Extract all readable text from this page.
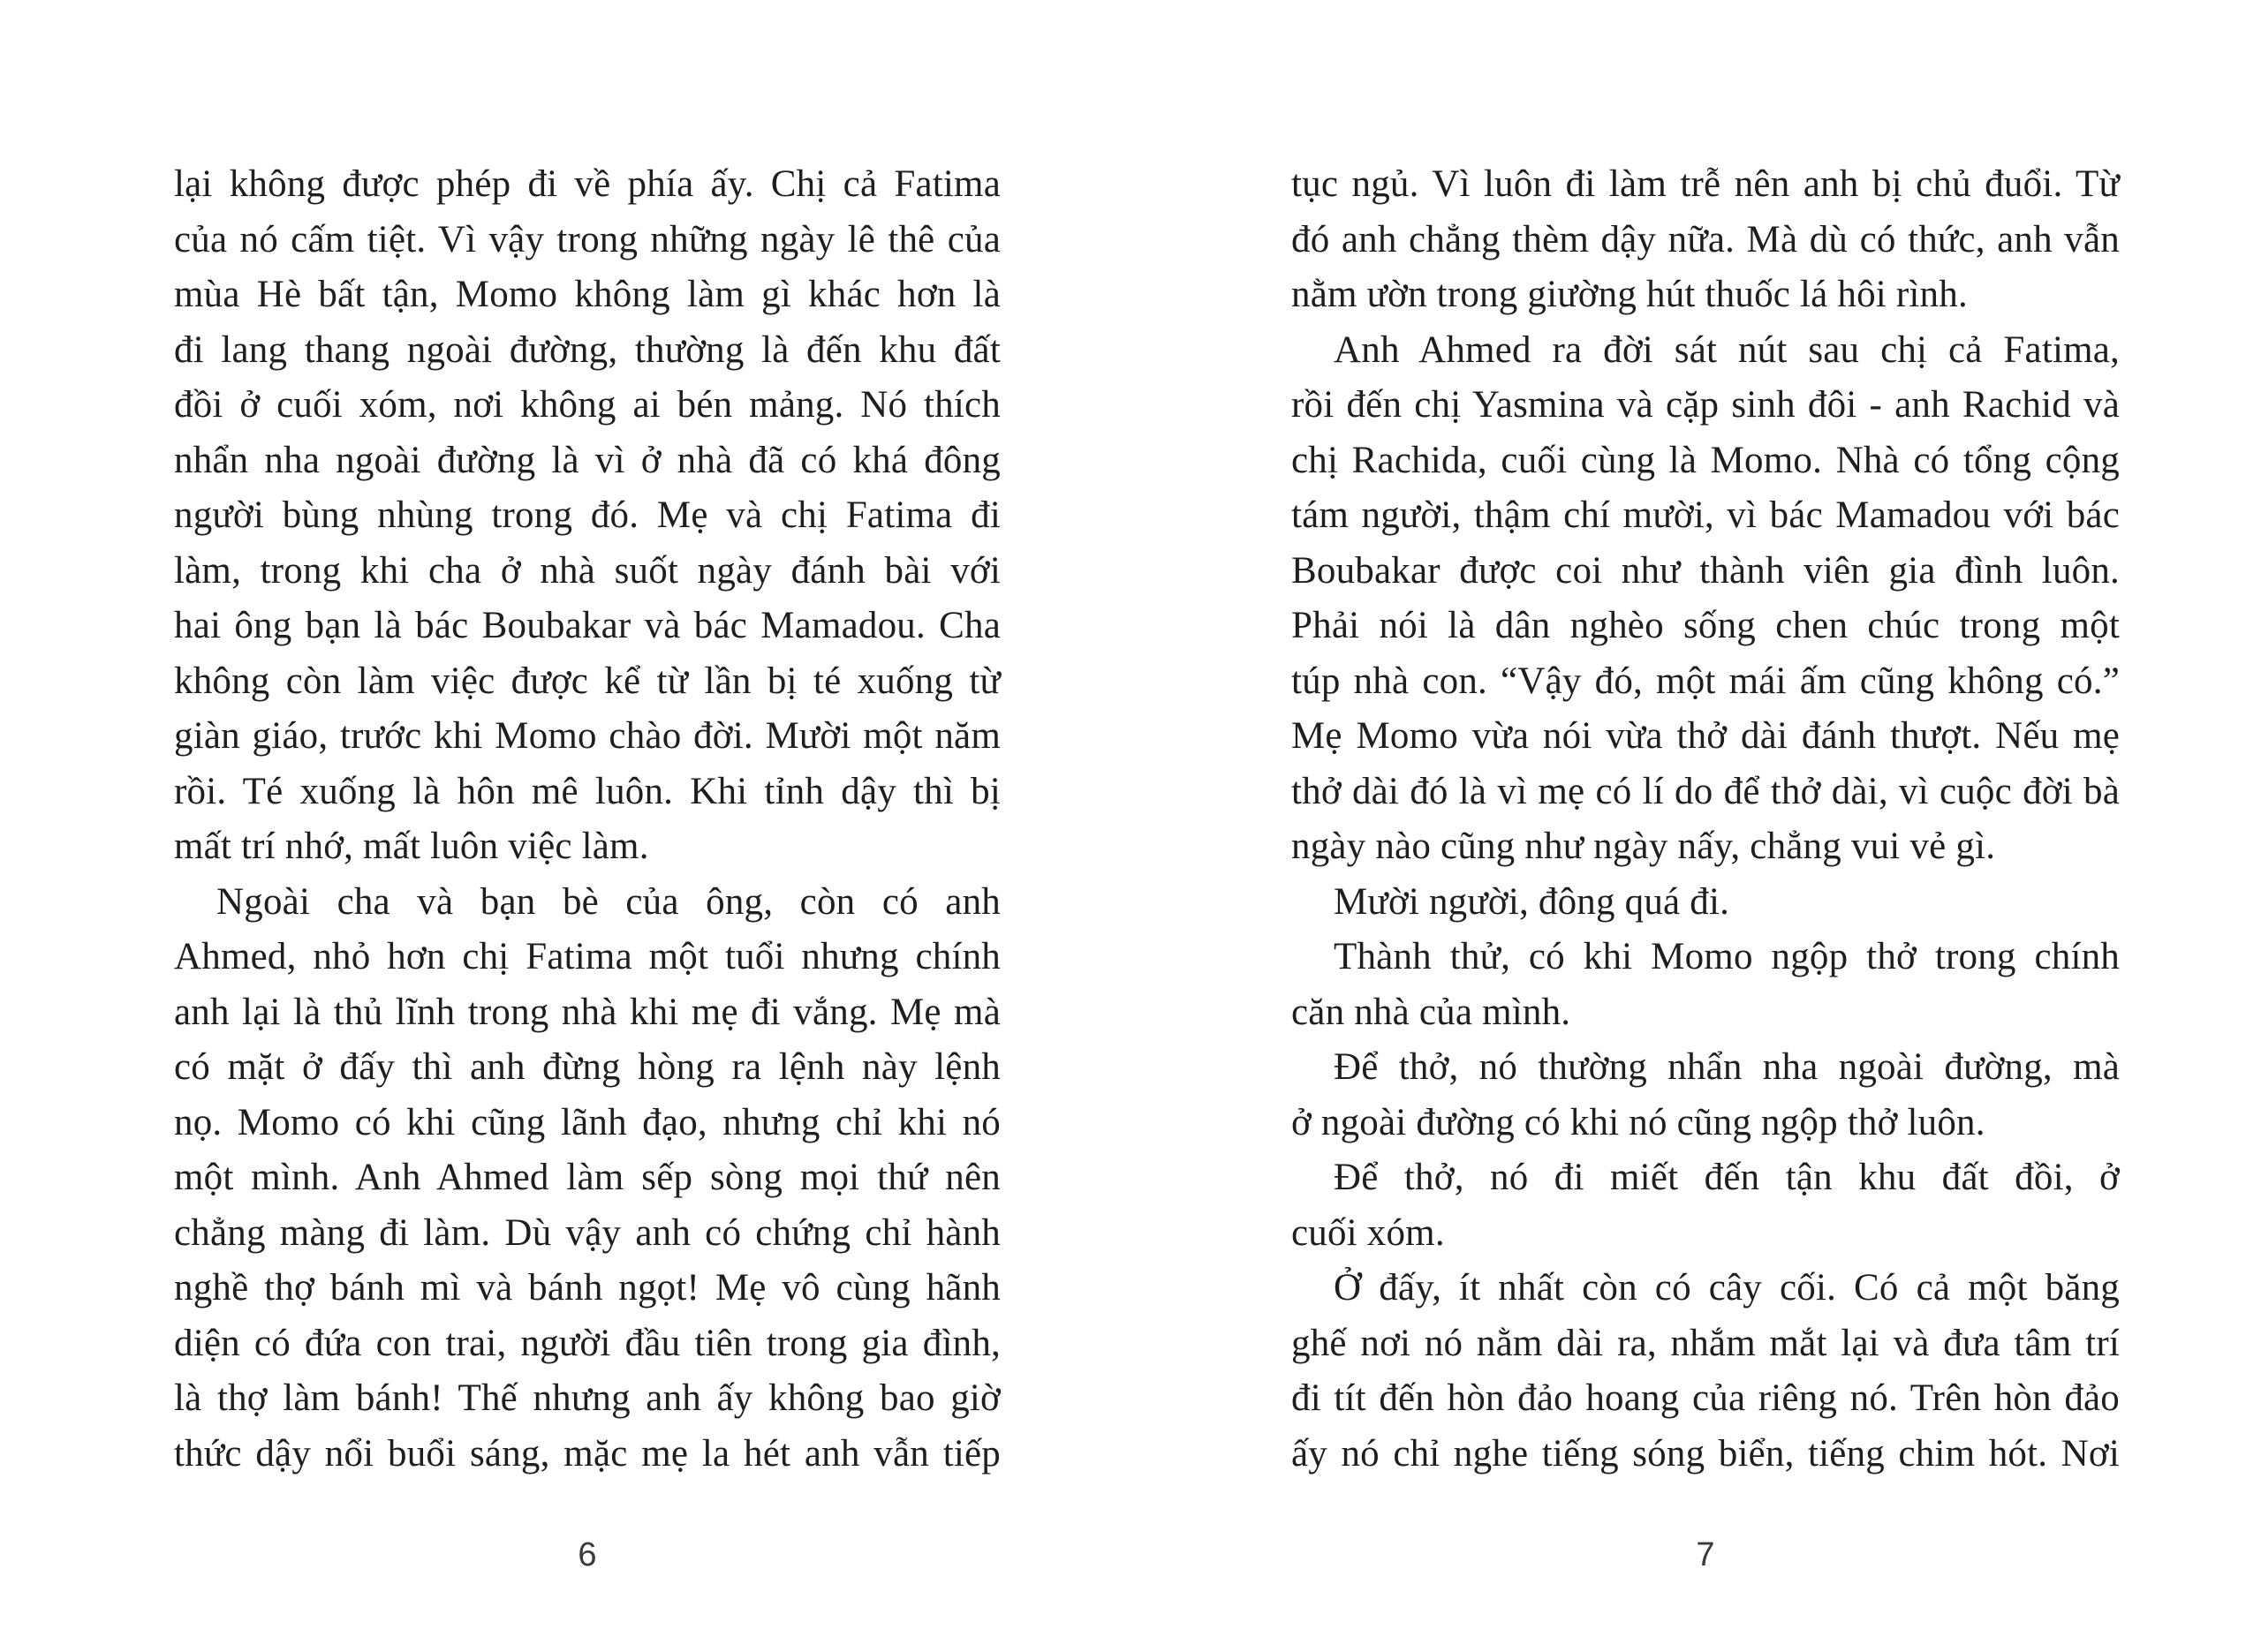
lại không được phép đi về phía ấy. Chị cả Fatima
của nó cấm tiệt. Vì vậy trong những ngày lê thê của
mùa Hè bất tận, Momo không làm gì khác hơn là
đi lang thang ngoài đường, thường là đến khu đất
đồi ở cuối xóm, nơi không ai bén mảng. Nó thích
nhẩn nha ngoài đường là vì ở nhà đã có khá đông
người bùng nhùng trong đó. Mẹ và chị Fatima đi
làm, trong khi cha ở nhà suốt ngày đánh bài với
hai ông bạn là bác Boubakar và bác Mamadou. Cha
không còn làm việc được kể từ lần bị té xuống từ
giàn giáo, trước khi Momo chào đời. Mười một năm
rồi. Té xuống là hôn mê luôn. Khi tỉnh dậy thì bị
mất trí nhớ, mất luôn việc làm.
Ngoài cha và bạn bè của ông, còn có anh
Ahmed, nhỏ hơn chị Fatima một tuổi nhưng chính
anh lại là thủ lĩnh trong nhà khi mẹ đi vắng. Mẹ mà
có mặt ở đấy thì anh đừng hòng ra lệnh này lệnh
nọ. Momo có khi cũng lãnh đạo, nhưng chỉ khi nó
một mình. Anh Ahmed làm sếp sòng mọi thứ nên
chẳng màng đi làm. Dù vậy anh có chứng chỉ hành
nghề thợ bánh mì và bánh ngọt! Mẹ vô cùng hãnh
diện có đứa con trai, người đầu tiên trong gia đình,
là thợ làm bánh! Thế nhưng anh ấy không bao giờ
thức dậy nổi buổi sáng, mặc mẹ la hét anh vẫn tiếp
6
tục ngủ. Vì luôn đi làm trễ nên anh bị chủ đuổi. Từ
đó anh chẳng thèm dậy nữa. Mà dù có thức, anh vẫn
nằm ườn trong giường hút thuốc lá hôi rình.
Anh Ahmed ra đời sát nút sau chị cả Fatima,
rồi đến chị Yasmina và cặp sinh đôi - anh Rachid và
chị Rachida, cuối cùng là Momo. Nhà có tổng cộng
tám người, thậm chí mười, vì bác Mamadou với bác
Boubakar được coi như thành viên gia đình luôn.
Phải nói là dân nghèo sống chen chúc trong một
túp nhà con. “Vậy đó, một mái ấm cũng không có.”
Mẹ Momo vừa nói vừa thở dài đánh thượt. Nếu mẹ
thở dài đó là vì mẹ có lí do để thở dài, vì cuộc đời bà
ngày nào cũng như ngày nấy, chẳng vui vẻ gì.
Mười người, đông quá đi.
Thành thử, có khi Momo ngộp thở trong chính
căn nhà của mình.
Để thở, nó thường nhẩn nha ngoài đường, mà
ở ngoài đường có khi nó cũng ngộp thở luôn.
Để thở, nó đi miết đến tận khu đất đồi, ở
cuối xóm.
Ở đấy, ít nhất còn có cây cối. Có cả một băng
ghế nơi nó nằm dài ra, nhắm mắt lại và đưa tâm trí
đi tít đến hòn đảo hoang của riêng nó. Trên hòn đảo
ấy nó chỉ nghe tiếng sóng biển, tiếng chim hót. Nơi
7
